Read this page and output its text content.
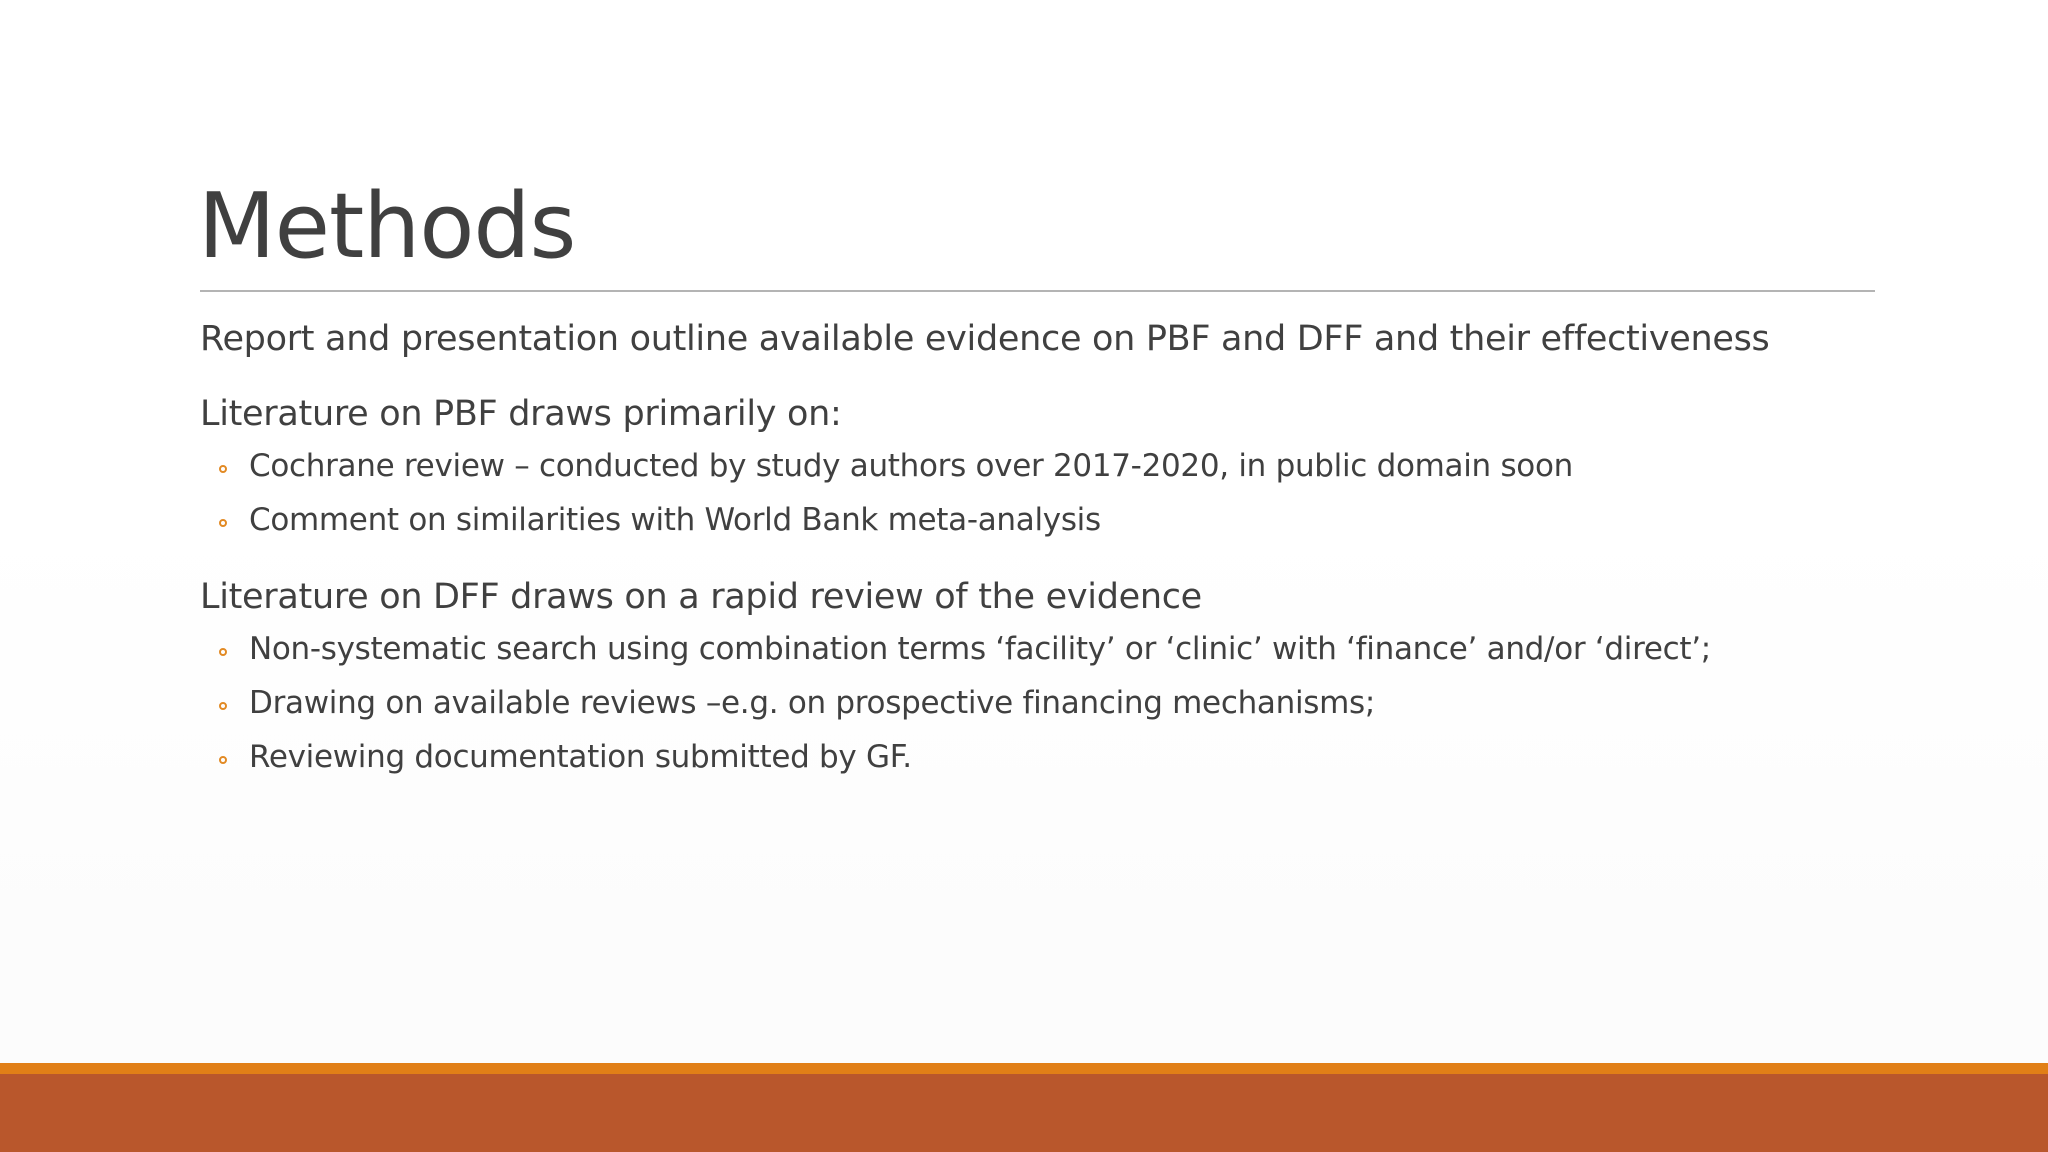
Methods
Report and presentation outline available evidence on PBF and DFF and their effectiveness
Literature on PBF draws primarily on:
Cochrane review – conducted by study authors over 2017-2020, in public domain soon
Comment on similarities with World Bank meta-analysis
Literature on DFF draws on a rapid review of the evidence
Non-systematic search using combination terms ‘facility’ or ‘clinic’ with ‘finance’ and/or ‘direct’;
Drawing on available reviews –e.g. on prospective financing mechanisms;
Reviewing documentation submitted by GF.
